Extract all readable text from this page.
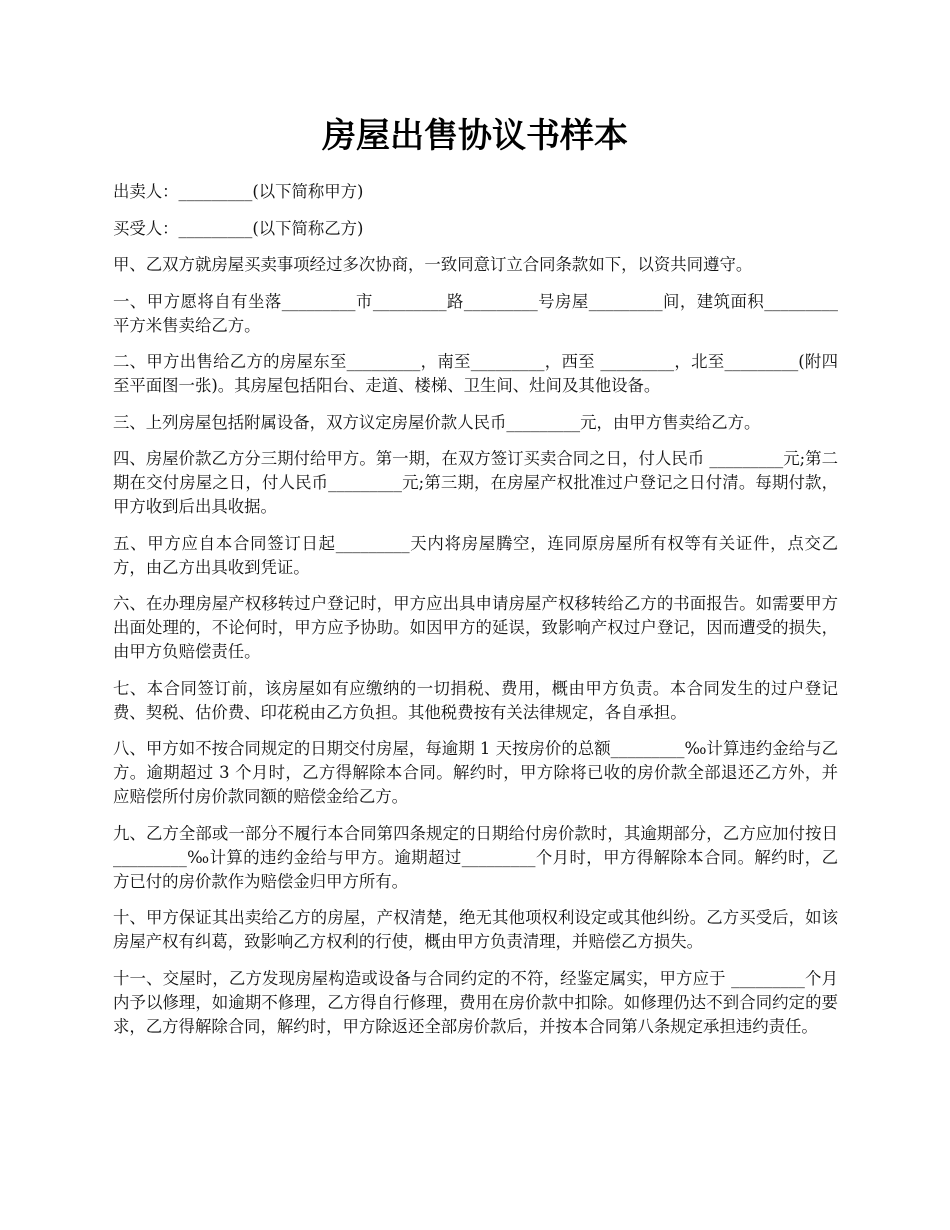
房屋出售协议书样本

出卖人：_________(以下简称甲方)

买受人：_________(以下简称乙方)

甲、乙双方就房屋买卖事项经过多次协商，一致同意订立合同条款如下，以资共同遵守。

一、甲方愿将自有坐落_________市_________路_________号房屋_________间，建筑面积_________平方米售卖给乙方。

二、甲方出售给乙方的房屋东至_________，南至_________，西至 _________，北至_________(附四至平面图一张)。其房屋包括阳台、走道、楼梯、卫生间、灶间及其他设备。

三、上列房屋包括附属设备，双方议定房屋价款人民币_________元，由甲方售卖给乙方。

四、房屋价款乙方分三期付给甲方。第一期，在双方签订买卖合同之日，付人民币 _________元;第二期在交付房屋之日，付人民币_________元;第三期，在房屋产权批准过户登记之日付清。每期付款，甲方收到后出具收据。

五、甲方应自本合同签订日起_________天内将房屋腾空，连同原房屋所有权等有关证件，点交乙方，由乙方出具收到凭证。

六、在办理房屋产权移转过户登记时，甲方应出具申请房屋产权移转给乙方的书面报告。如需要甲方出面处理的，不论何时，甲方应予协助。如因甲方的延误，致影响产权过户登记，因而遭受的损失，由甲方负赔偿责任。

七、本合同签订前，该房屋如有应缴纳的一切捐税、费用，概由甲方负责。本合同发生的过户登记费、契税、估价费、印花税由乙方负担。其他税费按有关法律规定，各自承担。

八、甲方如不按合同规定的日期交付房屋，每逾期 1 天按房价的总额_________‰计算违约金给与乙方。逾期超过 3 个月时，乙方得解除本合同。解约时，甲方除将已收的房价款全部退还乙方外，并应赔偿所付房价款同额的赔偿金给乙方。

九、乙方全部或一部分不履行本合同第四条规定的日期给付房价款时，其逾期部分，乙方应加付按日_________‰计算的违约金给与甲方。逾期超过_________个月时，甲方得解除本合同。解约时，乙方已付的房价款作为赔偿金归甲方所有。

十、甲方保证其出卖给乙方的房屋，产权清楚，绝无其他项权利设定或其他纠纷。乙方买受后，如该房屋产权有纠葛，致影响乙方权利的行使，概由甲方负责清理，并赔偿乙方损失。

十一、交屋时，乙方发现房屋构造或设备与合同约定的不符，经鉴定属实，甲方应于 _________个月内予以修理，如逾期不修理，乙方得自行修理，费用在房价款中扣除。如修理仍达不到合同约定的要求，乙方得解除合同，解约时，甲方除返还全部房价款后，并按本合同第八条规定承担违约责任。
